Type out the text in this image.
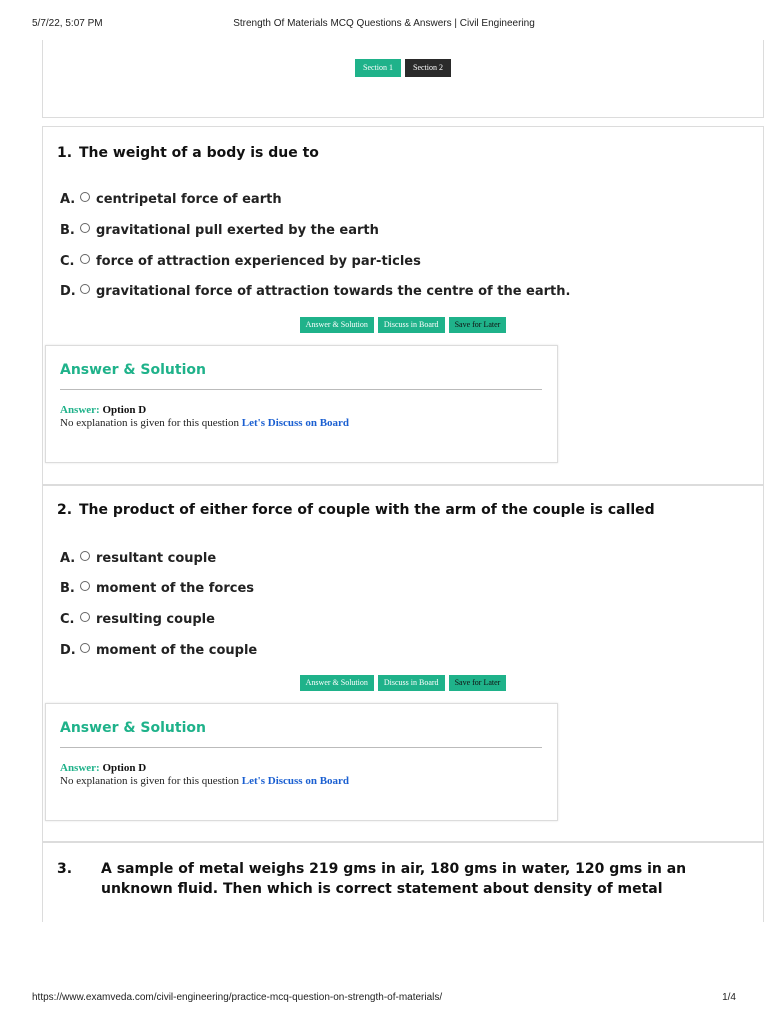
5/7/22, 5:07 PM	Strength Of Materials MCQ Questions & Answers | Civil Engineering
Section 1	Section 2
1. The weight of a body is due to
A. centripetal force of earth
B. gravitational pull exerted by the earth
C. force of attraction experienced by par-ticles
D. gravitational force of attraction towards the centre of the earth.
Answer & Solution Discuss in Board Save for Later
Answer & Solution
Answer: Option D
No explanation is given for this question Let's Discuss on Board
2. The product of either force of couple with the arm of the couple is called
A. resultant couple
B. moment of the forces
C. resulting couple
D. moment of the couple
Answer & Solution Discuss in Board Save for Later
Answer & Solution
Answer: Option D
No explanation is given for this question Let's Discuss on Board
3. A sample of metal weighs 219 gms in air, 180 gms in water, 120 gms in an unknown fluid. Then which is correct statement about density of metal
https://www.examveda.com/civil-engineering/practice-mcq-question-on-strength-of-materials/	1/4
